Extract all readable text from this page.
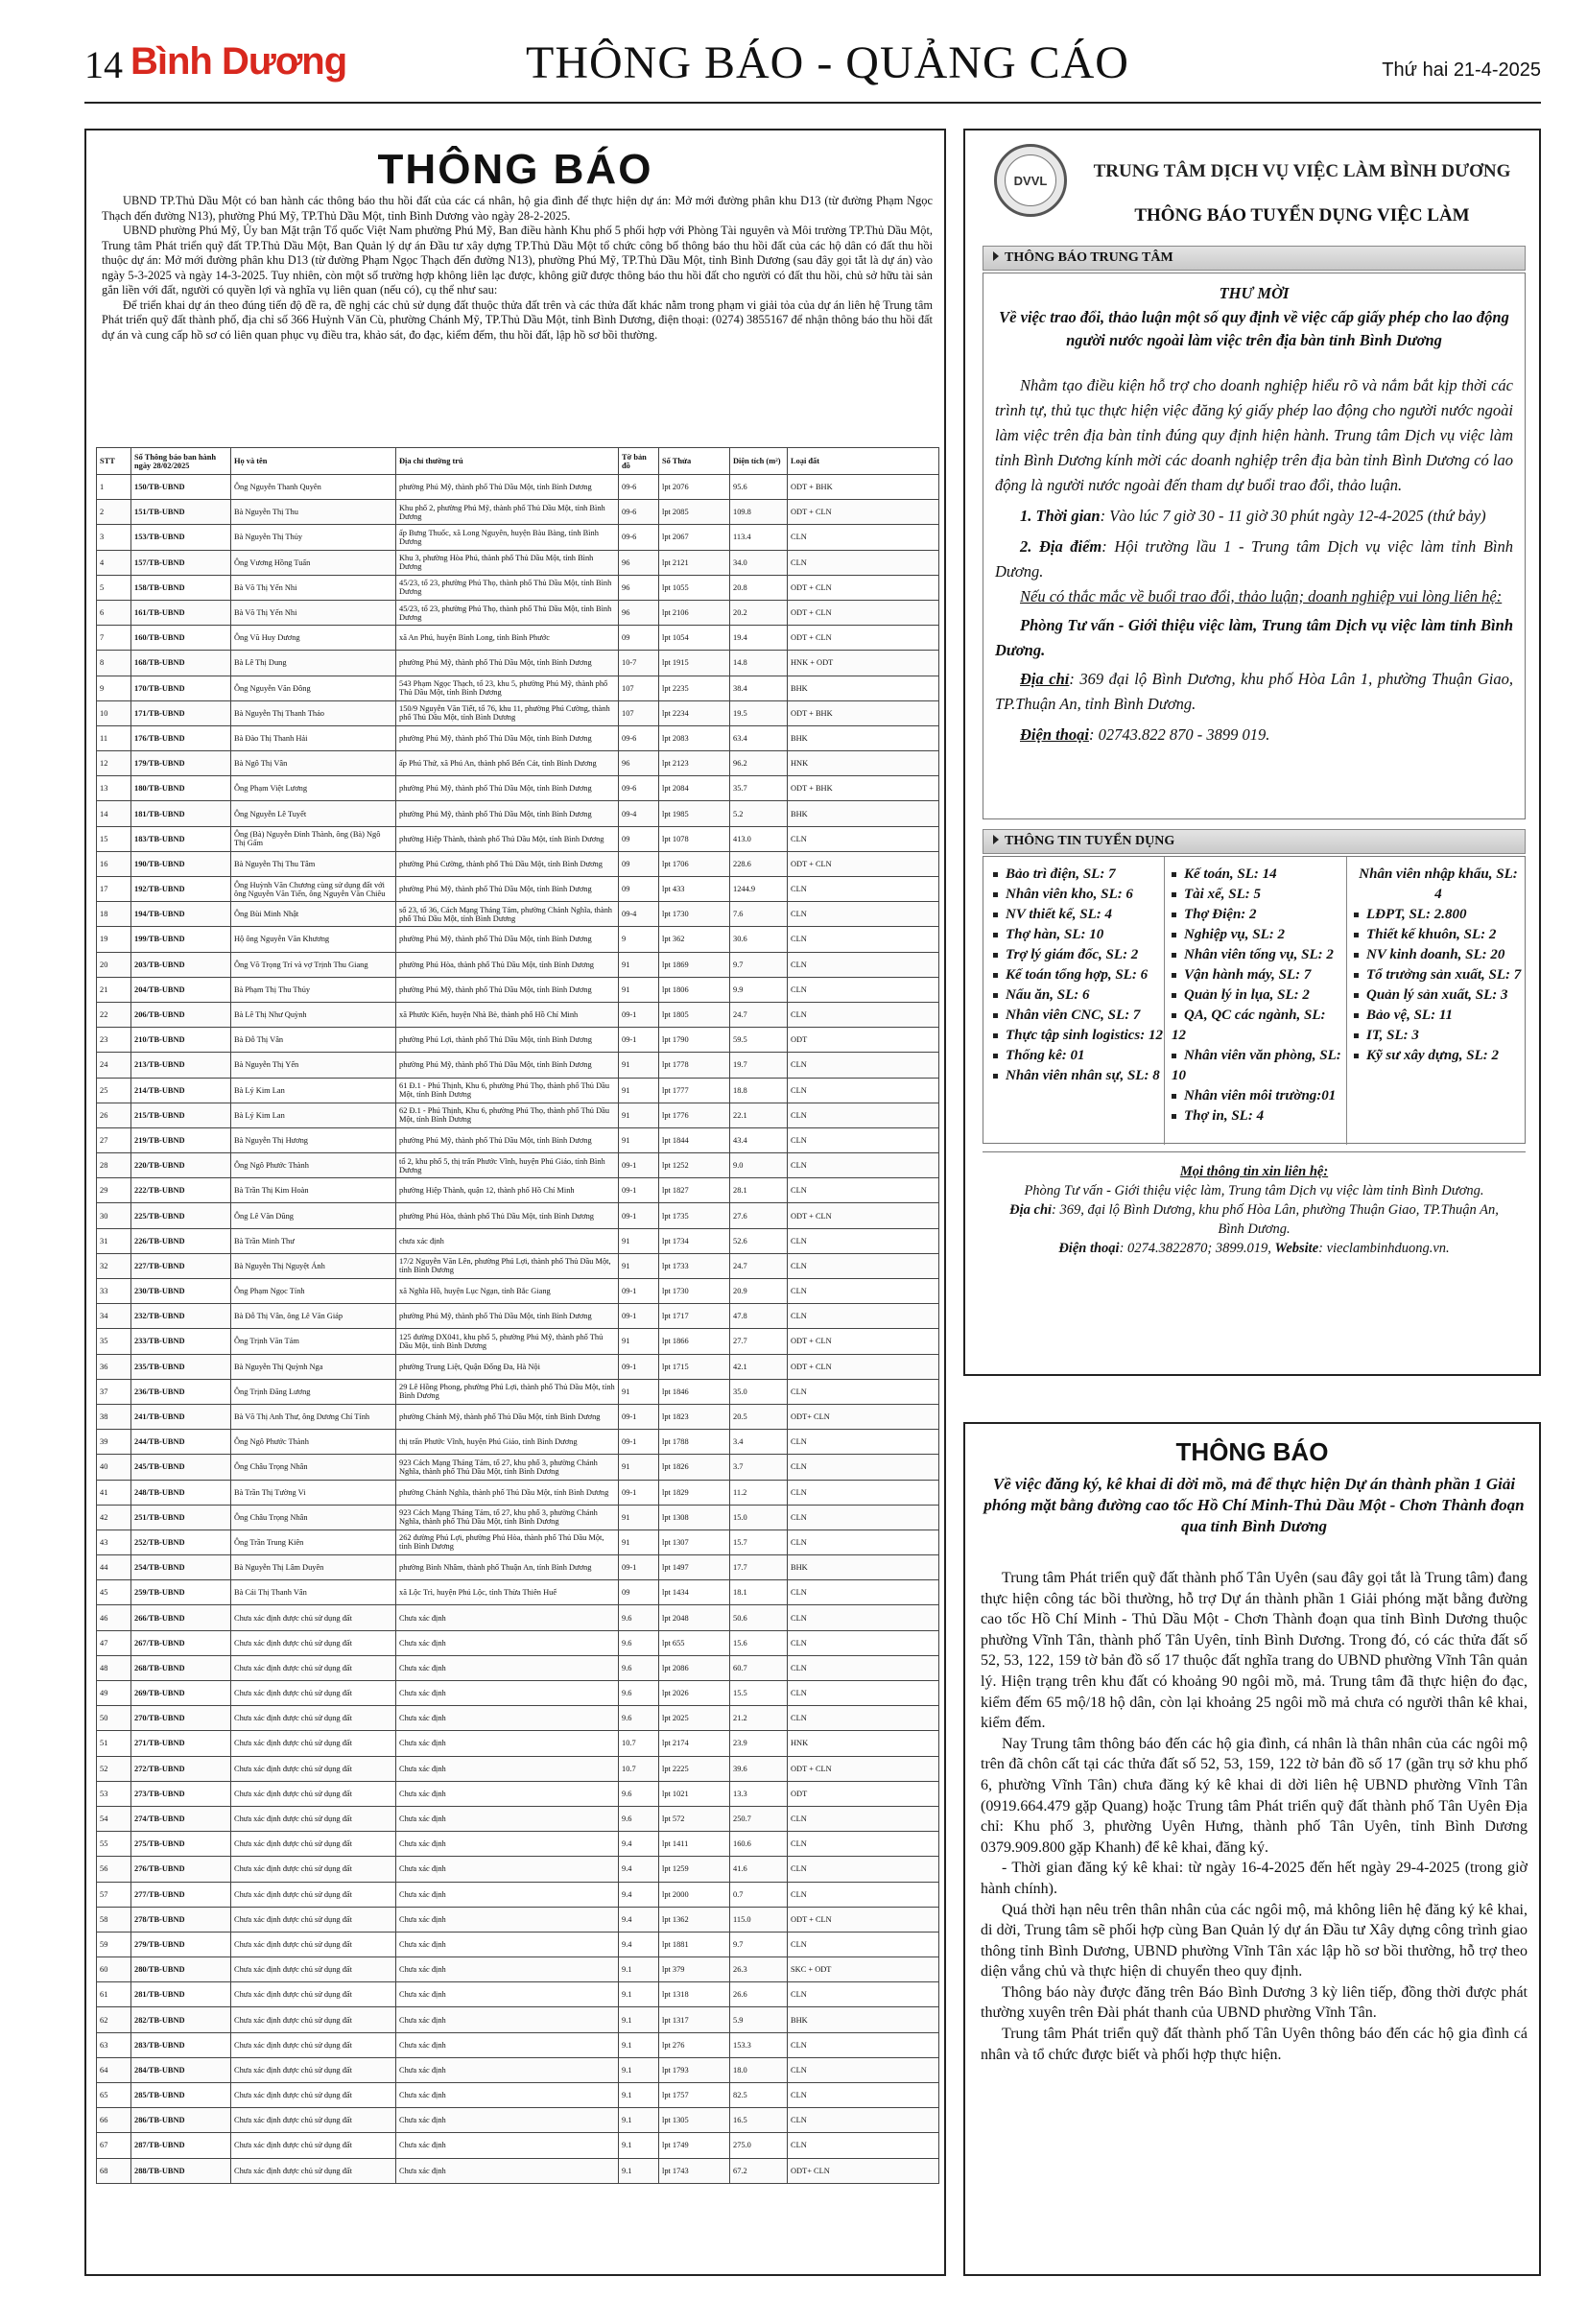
14 Bình Dương	THÔNG BÁO - QUẢNG CÁO	Thứ hai 21-4-2025
THÔNG BÁO

UBND TP.Thủ Dầu Một có ban hành các thông báo thu hồi đất của các cá nhân, hộ gia đình để thực hiện dự án: Mở mới đường phân khu D13 (từ đường Phạm Ngọc Thạch đến đường N13), phường Phú Mỹ, TP.Thủ Dầu Một, tỉnh Bình Dương vào ngày 28-2-2025.

UBND phường Phú Mỹ, Ủy ban Mặt trận Tổ quốc Việt Nam phường Phú Mỹ, Ban điều hành Khu phố 5 phối hợp với Phòng Tài nguyên và Môi trường TP.Thủ Dầu Một, Trung tâm Phát triển quỹ đất TP.Thủ Dầu Một, Ban Quản lý dự án Đầu tư xây dựng TP.Thủ Dầu Một tổ chức công bố thông báo thu hồi đất của các hộ dân có đất thu hồi thuộc dự án: Mở mới đường phân khu D13 (từ đường Phạm Ngọc Thạch đến đường N13), phường Phú Mỹ, TP.Thủ Dầu Một, tỉnh Bình Dương (sau đây gọi tắt là dự án) vào ngày 5-3-2025 và ngày 14-3-2025. Tuy nhiên, còn một số trường hợp không liên lạc được, không giữ được thông báo thu hồi đất cho người có đất thu hồi, chủ sở hữu tài sản gắn liền với đất, người có quyền lợi và nghĩa vụ liên quan (nếu có), cụ thể như sau:

Để triển khai dự án theo đúng tiến độ đề ra, đề nghị các chủ sử dụng đất thuộc thửa đất trên và các thửa đất khác nằm trong phạm vi giải tỏa của dự án liên hệ Trung tâm Phát triển quỹ đất thành phố, địa chỉ số 366 Huỳnh Văn Cù, phường Chánh Mỹ, TP.Thủ Dầu Một, tỉnh Bình Dương, điện thoại: (0274) 3855167 để nhận thông báo thu hồi đất dự án và cung cấp hồ sơ có liên quan phục vụ điều tra, khảo sát, đo đạc, kiểm đếm, thu hồi đất, lập hồ sơ bồi thường.

STT	Số Thông báo ban hành ngày 28/02/2025	Họ và tên	Địa chỉ thường trú	Tờ bản đồ	Số Thửa	Diện tích (m²)	Loại đất
1	150/TB-UBND	Ông Nguyễn Thanh Quyên	phường Phú Mỹ, thành phố Thủ Dầu Một, tỉnh Bình Dương	09-6	lpt 2076	95.6	ODT + BHK
2	151/TB-UBND	Bà Nguyễn Thị Thu	Khu phố 2, phường Phú Mỹ, thành phố Thủ Dầu Một, tỉnh Bình Dương	09-6	lpt 2085	109.8	ODT + CLN
3	153/TB-UBND	Bà Nguyễn Thị Thủy	ấp Bưng Thuốc, xã Long Nguyên, huyện Bàu Bàng, tỉnh Bình Dương	09-6	lpt 2067	113.4	CLN
4	157/TB-UBND	Ông Vương Hồng Tuấn	Khu 3, phường Hòa Phú, thành phố Thủ Dầu Một, tỉnh Bình Dương	96	lpt 2121	34.0	CLN
5	158/TB-UBND	Bà Võ Thị Yến Nhi	45/23, tổ 23, phường Phú Thọ, thành phố Thủ Dầu Một, tỉnh Bình Dương	96	lpt 1055	20.8	ODT + CLN
6	161/TB-UBND	Bà Võ Thị Yến Nhi	45/23, tổ 23, phường Phú Thọ, thành phố Thủ Dầu Một, tỉnh Bình Dương	96	lpt 2106	20.2	ODT + CLN
7	160/TB-UBND	Ông Vũ Huy Dương	xã An Phú, huyện Bình Long, tỉnh Bình Phước	09	lpt 1054	19.4	ODT + CLN
8	168/TB-UBND	Bà Lê Thị Dung	phường Phú Mỹ, thành phố Thủ Dầu Một, tỉnh Bình Dương	10-7	lpt 1915	14.8	HNK + ODT
9	170/TB-UBND	Ông Nguyễn Văn Đông	543 Phạm Ngọc Thạch, tổ 23, khu 5, phường Phú Mỹ, thành phố Thủ Dầu Một, tỉnh Bình Dương	107	lpt 2235	38.4	BHK
10	171/TB-UBND	Bà Nguyễn Thị Thanh Thảo	150/9 Nguyễn Văn Tiết, tổ 76, khu 11, phường Phú Cường, thành phố Thủ Dầu Một, tỉnh Bình Dương	107	lpt 2234	19.5	ODT + BHK
11	176/TB-UBND	Bà Đào Thị Thanh Hải	phường Phú Mỹ, thành phố Thủ Dầu Một, tỉnh Bình Dương	09-6	lpt 2083	63.4	BHK
12	179/TB-UBND	Bà Ngô Thị Vân	ấp Phú Thứ, xã Phú An, thành phố Bến Cát, tỉnh Bình Dương	96	lpt 2123	96.2	HNK
13	180/TB-UBND	Ông Phạm Việt Lương	phường Phú Mỹ, thành phố Thủ Dầu Một, tỉnh Bình Dương	09-6	lpt 2084	35.7	ODT + BHK
14	181/TB-UBND	Ông Nguyễn Lê Tuyết	phường Phú Mỹ, thành phố Thủ Dầu Một, tỉnh Bình Dương	09-4	lpt 1985	5.2	BHK
15	183/TB-UBND	Ông (Bà) Nguyễn Đình Thành, ông (Bà) Ngô Thị Gấm	phường Hiệp Thành, thành phố Thủ Dầu Một, tỉnh Bình Dương	09	lpt 1078	413.0	CLN
16	190/TB-UBND	Bà Nguyễn Thị Thu Tâm	phường Phú Cường, thành phố Thủ Dầu Một, tỉnh Bình Dương	09	lpt 1706	228.6	ODT + CLN
17	192/TB-UBND	Ông Huỳnh Văn Chương cùng sử dụng đất với ông Nguyễn Văn Tiến, ông Nguyễn Văn Chiêu	phường Phú Mỹ, thành phố Thủ Dầu Một, tỉnh Bình Dương	09	lpt 433	1244.9	CLN
18	194/TB-UBND	Ông Bùi Minh Nhật	số 23, tổ 36, Cách Mạng Tháng Tám, phường Chánh Nghĩa, thành phố Thủ Dầu Một, tỉnh Bình Dương	09-4	lpt 1730	7.6	CLN
19	199/TB-UBND	Hộ ông Nguyễn Văn Khương	phường Phú Mỹ, thành phố Thủ Dầu Một, tỉnh Bình Dương	9	lpt 362	30.6	CLN
20	203/TB-UBND	Ông Võ Trọng Trí và vợ Trịnh Thu Giang	phường Phú Hòa, thành phố Thủ Dầu Một, tỉnh Bình Dương	91	lpt 1869	9.7	CLN
21	204/TB-UBND	Bà Phạm Thị Thu Thủy	phường Phú Mỹ, thành phố Thủ Dầu Một, tỉnh Bình Dương	91	lpt 1806	9.9	CLN
22	206/TB-UBND	Bà Lê Thị Như Quỳnh	xã Phước Kiển, huyện Nhà Bè, thành phố Hồ Chí Minh	09-1	lpt 1805	24.7	CLN
23	210/TB-UBND	Bà Đỗ Thị Vân	phường Phú Lợi, thành phố Thủ Dầu Một, tỉnh Bình Dương	09-1	lpt 1790	59.5	ODT
24	213/TB-UBND	Bà Nguyễn Thị Yến	phường Phú Mỹ, thành phố Thủ Dầu Một, tỉnh Bình Dương	91	lpt 1778	19.7	CLN
25	214/TB-UBND	Bà Lý Kim Lan	61 Đ.1 - Phú Thịnh, Khu 6, phường Phú Thọ, thành phố Thủ Dầu Một, tỉnh Bình Dương	91	lpt 1777	18.8	CLN
26	215/TB-UBND	Bà Lý Kim Lan	62 Đ.1 - Phú Thịnh, Khu 6, phường Phú Thọ, thành phố Thủ Dầu Một, tỉnh Bình Dương	91	lpt 1776	22.1	CLN
27	219/TB-UBND	Bà Nguyễn Thị Hương	phường Phú Mỹ, thành phố Thủ Dầu Một, tỉnh Bình Dương	91	lpt 1844	43.4	CLN
28	220/TB-UBND	Ông Ngô Phước Thành	tổ 2, khu phố 5, thị trấn Phước Vĩnh, huyện Phú Giáo, tỉnh Bình Dương	09-1	lpt 1252	9.0	CLN
29	222/TB-UBND	Bà Trần Thị Kim Hoàn	phường Hiệp Thành, quận 12, thành phố Hồ Chí Minh	09-1	lpt 1827	28.1	CLN
30	225/TB-UBND	Ông Lê Văn Dũng	phường Phú Hòa, thành phố Thủ Dầu Một, tỉnh Bình Dương	09-1	lpt 1735	27.6	ODT + CLN
31	226/TB-UBND	Bà Trần Minh Thư	chưa xác định	91	lpt 1734	52.6	CLN
32	227/TB-UBND	Bà Nguyễn Thị Nguyệt Ánh	17/2 Nguyễn Văn Lên, phường Phú Lợi, thành phố Thủ Dầu Một, tỉnh Bình Dương	91	lpt 1733	24.7	CLN
33	230/TB-UBND	Ông Phạm Ngọc Tính	xã Nghĩa Hồ, huyện Lục Ngạn, tỉnh Bắc Giang	09-1	lpt 1730	20.9	CLN
34	232/TB-UBND	Bà Đỗ Thị Vân, ông Lê Văn Giáp	phường Phú Mỹ, thành phố Thủ Dầu Một, tỉnh Bình Dương	09-1	lpt 1717	47.8	CLN
35	233/TB-UBND	Ông Trịnh Văn Tám	125 đường DX041, khu phố 5, phường Phú Mỹ, thành phố Thủ Dầu Một, tỉnh Bình Dương	91	lpt 1866	27.7	ODT + CLN
36	235/TB-UBND	Bà Nguyễn Thị Quỳnh Nga	phường Trung Liệt, Quận Đống Đa, Hà Nội	09-1	lpt 1715	42.1	ODT + CLN
37	236/TB-UBND	Ông Trịnh Đăng Lương	29 Lê Hồng Phong, phường Phú Lợi, thành phố Thủ Dầu Một, tỉnh Bình Dương	91	lpt 1846	35.0	CLN
38	241/TB-UBND	Bà Võ Thị Anh Thư, ông Dương Chí Tính	phường Chánh Mỹ, thành phố Thủ Dầu Một, tỉnh Bình Dương	09-1	lpt 1823	20.5	ODT+ CLN
39	244/TB-UBND	Ông Ngô Phước Thành	thị trấn Phước Vĩnh, huyện Phú Giáo, tỉnh Bình Dương	09-1	lpt 1788	3.4	CLN
40	245/TB-UBND	Ông Châu Trọng Nhân	923 Cách Mạng Tháng Tám, tổ 27, khu phố 3, phường Chánh Nghĩa, thành phố Thủ Dầu Một, tỉnh Bình Dương	91	lpt 1826	3.7	CLN
41	248/TB-UBND	Bà Trần Thị Tường Vi	phường Chánh Nghĩa, thành phố Thủ Dầu Một, tỉnh Bình Dương	09-1	lpt 1829	11.2	CLN
42	251/TB-UBND	Ông Châu Trọng Nhân	923 Cách Mạng Tháng Tám, tổ 27, khu phố 3, phường Chánh Nghĩa, thành phố Thủ Dầu Một, tỉnh Bình Dương	91	lpt 1308	15.0	CLN
43	252/TB-UBND	Ông Trần Trung Kiên	262 đường Phú Lợi, phường Phú Hòa, thành phố Thủ Dầu Một, tỉnh Bình Dương	91	lpt 1307	15.7	CLN
44	254/TB-UBND	Bà Nguyễn Thị Lâm Duyên	phường Bình Nhâm, thành phố Thuận An, tỉnh Bình Dương	09-1	lpt 1497	17.7	BHK
45	259/TB-UBND	Bà Cái Thị Thanh Vân	xã Lộc Trì, huyện Phú Lộc, tỉnh Thừa Thiên Huế	09	lpt 1434	18.1	CLN
46	266/TB-UBND	Chưa xác định được chủ sử dụng đất	Chưa xác định	9.6	lpt 2048	50.6	CLN
47	267/TB-UBND	Chưa xác định được chủ sử dụng đất	Chưa xác định	9.6	lpt 655	15.6	CLN
48	268/TB-UBND	Chưa xác định được chủ sử dụng đất	Chưa xác định	9.6	lpt 2086	60.7	CLN
49	269/TB-UBND	Chưa xác định được chủ sử dụng đất	Chưa xác định	9.6	lpt 2026	15.5	CLN
50	270/TB-UBND	Chưa xác định được chủ sử dụng đất	Chưa xác định	9.6	lpt 2025	21.2	CLN
51	271/TB-UBND	Chưa xác định được chủ sử dụng đất	Chưa xác định	10.7	lpt 2174	23.9	HNK
52	272/TB-UBND	Chưa xác định được chủ sử dụng đất	Chưa xác định	10.7	lpt 2225	39.6	ODT + CLN
53	273/TB-UBND	Chưa xác định được chủ sử dụng đất	Chưa xác định	9.6	lpt 1021	13.3	ODT
54	274/TB-UBND	Chưa xác định được chủ sử dụng đất	Chưa xác định	9.6	lpt 572	250.7	CLN
55	275/TB-UBND	Chưa xác định được chủ sử dụng đất	Chưa xác định	9.4	lpt 1411	160.6	CLN
56	276/TB-UBND	Chưa xác định được chủ sử dụng đất	Chưa xác định	9.4	lpt 1259	41.6	CLN
57	277/TB-UBND	Chưa xác định được chủ sử dụng đất	Chưa xác định	9.4	lpt 2000	0.7	CLN
58	278/TB-UBND	Chưa xác định được chủ sử dụng đất	Chưa xác định	9.4	lpt 1362	115.0	ODT + CLN
59	279/TB-UBND	Chưa xác định được chủ sử dụng đất	Chưa xác định	9.4	lpt 1881	9.7	CLN
60	280/TB-UBND	Chưa xác định được chủ sử dụng đất	Chưa xác định	9.1	lpt 379	26.3	SKC + ODT
61	281/TB-UBND	Chưa xác định được chủ sử dụng đất	Chưa xác định	9.1	lpt 1318	26.6	CLN
62	282/TB-UBND	Chưa xác định được chủ sử dụng đất	Chưa xác định	9.1	lpt 1317	5.9	BHK
63	283/TB-UBND	Chưa xác định được chủ sử dụng đất	Chưa xác định	9.1	lpt 276	153.3	CLN
64	284/TB-UBND	Chưa xác định được chủ sử dụng đất	Chưa xác định	9.1	lpt 1793	18.0	CLN
65	285/TB-UBND	Chưa xác định được chủ sử dụng đất	Chưa xác định	9.1	lpt 1757	82.5	CLN
66	286/TB-UBND	Chưa xác định được chủ sử dụng đất	Chưa xác định	9.1	lpt 1305	16.5	CLN
67	287/TB-UBND	Chưa xác định được chủ sử dụng đất	Chưa xác định	9.1	lpt 1749	275.0	CLN
68	288/TB-UBND	Chưa xác định được chủ sử dụng đất	Chưa xác định	9.1	lpt 1743	67.2	ODT+ CLN
DVVL	TRUNG TÂM DỊCH VỤ VIỆC LÀM BÌNH DƯƠNG
THÔNG BÁO TUYỂN DỤNG VIỆC LÀM
THÔNG BÁO TRUNG TÂM
THƯ MỜI
Về việc trao đổi, thảo luận một số quy định về việc cấp giấy phép cho lao động người nước ngoài làm việc trên địa bàn tỉnh Bình Dương

Nhằm tạo điều kiện hỗ trợ cho doanh nghiệp hiểu rõ và nắm bắt kịp thời các trình tự, thủ tục thực hiện việc đăng ký giấy phép lao động cho người nước ngoài làm việc trên địa bàn tỉnh đúng quy định hiện hành. Trung tâm Dịch vụ việc làm tỉnh Bình Dương kính mời các doanh nghiệp trên địa bàn tỉnh Bình Dương có lao động là người nước ngoài đến tham dự buổi trao đổi, thảo luận.

1. Thời gian: Vào lúc 7 giờ 30 - 11 giờ 30 phút ngày 12-4-2025 (thứ bảy)

2. Địa điểm: Hội trường lầu 1 - Trung tâm Dịch vụ việc làm tỉnh Bình Dương.

Nếu có thắc mắc về buổi trao đổi, thảo luận; doanh nghiệp vui lòng liên hệ:

Phòng Tư vấn - Giới thiệu việc làm, Trung tâm Dịch vụ việc làm tỉnh Bình Dương.

Địa chỉ: 369 đại lộ Bình Dương, khu phố Hòa Lân 1, phường Thuận Giao, TP.Thuận An, tỉnh Bình Dương.

Điện thoại: 02743.822 870 - 3899 019.

THÔNG TIN TUYỂN DỤNG
Bảo trì điện, SL: 7
Nhân viên kho, SL: 6
NV thiết kế, SL: 4
Thợ hàn, SL: 10
Trợ lý giám đốc, SL: 2
Kế toán tổng hợp, SL: 6
Nấu ăn, SL: 6
Nhân viên CNC, SL: 7
Thực tập sinh logistics: 12
Thống kê: 01
Nhân viên nhân sự, SL: 8
Kế toán, SL: 14
Tài xế, SL: 5
Thợ Điện: 2
Nghiệp vụ, SL: 2
Nhân viên tổng vụ, SL: 2
Vận hành máy, SL: 7
Quản lý in lụa, SL: 2
QA, QC các ngành, SL: 12
Nhân viên văn phòng, SL: 10
Nhân viên môi trường:01
Thợ in, SL: 4
Nhân viên nhập khẩu, SL: 4
LĐPT, SL: 2.800
Thiết kế khuôn, SL: 2
NV kinh doanh, SL: 20
Tổ trưởng sản xuất, SL: 7
Quản lý sản xuất, SL: 3
Bảo vệ, SL: 11
IT, SL: 3
Kỹ sư xây dựng, SL: 2
Mọi thông tin xin liên hệ:
Phòng Tư vấn - Giới thiệu việc làm, Trung tâm Dịch vụ việc làm tỉnh Bình Dương.
Địa chỉ: 369, đại lộ Bình Dương, khu phố Hòa Lân, phường Thuận Giao, TP.Thuận An, Bình Dương.
Điện thoại: 0274.3822870; 3899.019, Website: vieclambinhduong.vn.
THÔNG BÁO
Về việc đăng ký, kê khai di dời mồ, mả để thực hiện Dự án thành phần 1 Giải phóng mặt bằng đường cao tốc Hồ Chí Minh-Thủ Dầu Một - Chơn Thành đoạn qua tỉnh Bình Dương

Trung tâm Phát triển quỹ đất thành phố Tân Uyên (sau đây gọi tắt là Trung tâm) đang thực hiện công tác bồi thường, hỗ trợ Dự án thành phần 1 Giải phóng mặt bằng đường cao tốc Hồ Chí Minh - Thủ Dầu Một - Chơn Thành đoạn qua tỉnh Bình Dương thuộc phường Vĩnh Tân, thành phố Tân Uyên, tỉnh Bình Dương. Trong đó, có các thửa đất số 52, 53, 122, 159 tờ bản đồ số 17 thuộc đất nghĩa trang do UBND phường Vĩnh Tân quản lý. Hiện trạng trên khu đất có khoảng 90 ngôi mồ, mả. Trung tâm đã thực hiện đo đạc, kiểm đếm 65 mộ/18 hộ dân, còn lại khoảng 25 ngôi mồ mả chưa có người thân kê khai, kiểm đếm.

Nay Trung tâm thông báo đến các hộ gia đình, cá nhân là thân nhân của các ngôi mộ trên đã chôn cất tại các thửa đất số 52, 53, 159, 122 tờ bản đồ số 17 (gần trụ sở khu phố 6, phường Vĩnh Tân) chưa đăng ký kê khai di dời liên hệ UBND phường Vĩnh Tân (0919.664.479 gặp Quang) hoặc Trung tâm Phát triển quỹ đất thành phố Tân Uyên Địa chỉ: Khu phố 3, phường Uyên Hưng, thành phố Tân Uyên, tỉnh Bình Dương 0379.909.800 gặp Khanh) để kê khai, đăng ký.

- Thời gian đăng ký kê khai: từ ngày 16-4-2025 đến hết ngày 29-4-2025 (trong giờ hành chính).

Quá thời hạn nêu trên thân nhân của các ngôi mộ, mả không liên hệ đăng ký kê khai, di dời, Trung tâm sẽ phối hợp cùng Ban Quản lý dự án Đầu tư Xây dựng công trình giao thông tỉnh Bình Dương, UBND phường Vĩnh Tân xác lập hồ sơ bồi thường, hỗ trợ theo diện vắng chủ và thực hiện di chuyển theo quy định.

Thông báo này được đăng trên Báo Bình Dương 3 kỳ liên tiếp, đồng thời được phát thường xuyên trên Đài phát thanh của UBND phường Vĩnh Tân.

Trung tâm Phát triển quỹ đất thành phố Tân Uyên thông báo đến các hộ gia đình cá nhân và tổ chức được biết và phối hợp thực hiện.
